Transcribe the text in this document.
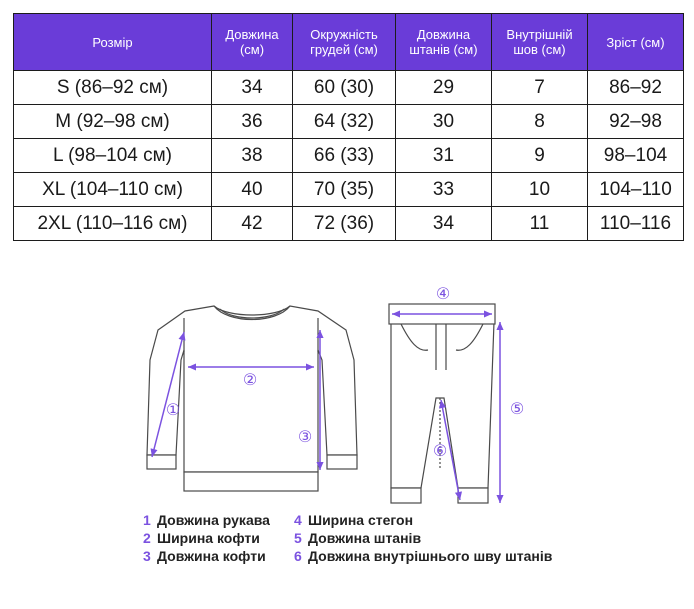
Розмір	Довжина (см)	Окружність грудей (см)	Довжина штанів (см)	Внутрішній шов (см)	Зріст (см)
S (86–92 см)	34	60 (30)	29	7	86–92
M (92–98 см)	36	64 (32)	30	8	92–98
L (98–104 см)	38	66 (33)	31	9	98–104
XL (104–110 см)	40	70 (35)	33	10	104–110
2XL (110–116 см)	42	72 (36)	34	11	110–116
①
②
③
④
⑤
⑥
1 Довжина рукава
2 Ширина кофти
3 Довжина кофти
4 Ширина стегон
5 Довжина штанів
6 Довжина внутрішнього шву штанів
